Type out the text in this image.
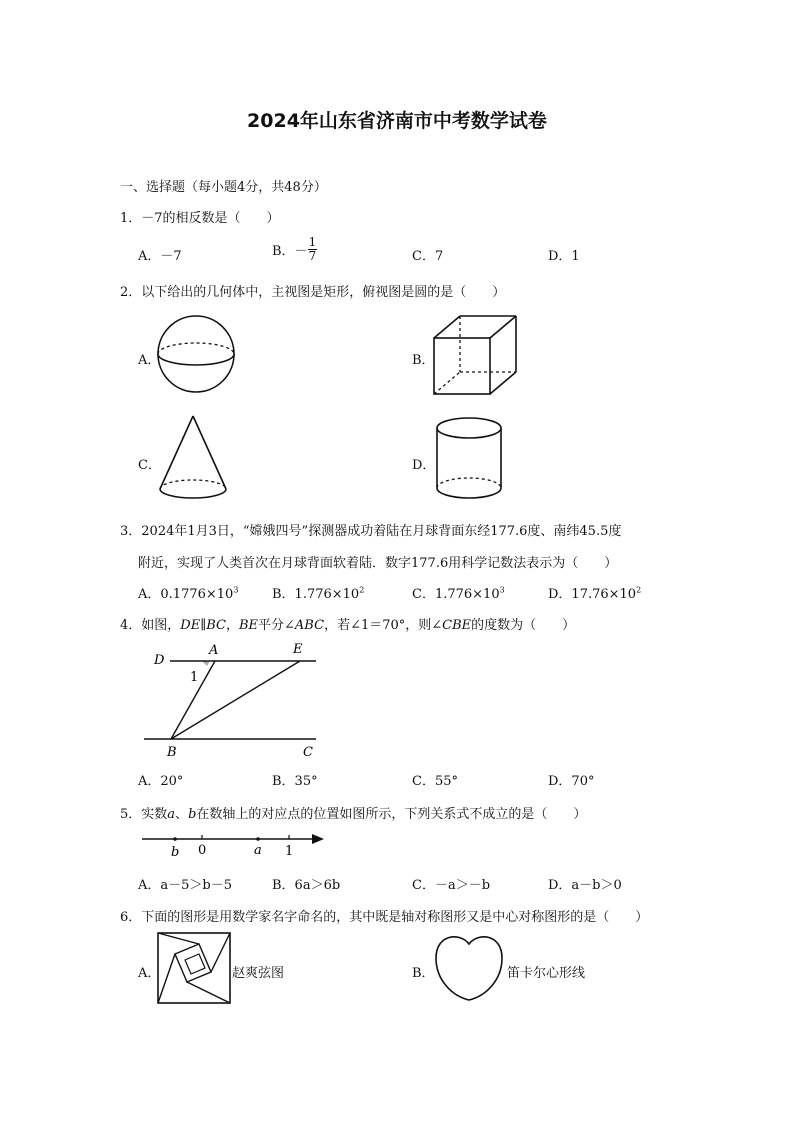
2024年山东省济南市中考数学试卷
一、选择题（每小题4分，共48分）
1．－7的相反数是（　　）
A．－7	B．－ $\frac{1}{7}$	C．7	D．1
2．以下给出的几何体中，主视图是矩形，俯视图是圆的是（　　）
A．	B．
C．	D．
3．2024年1月3日，“嫦娥四号”探测器成功着陆在月球背面东经177.6度、南纬45.5度
附近，实现了人类首次在月球背面软着陆．数字177.6用科学记数法表示为（　　）
A．$0.1776\times 10^3$	B．$1.776\times 10^2$	C．$1.776\times 10^3$	D．$17.76\times 10^2$
4．如图，DE∥BC，BE平分∠ABC，若∠1＝70°，则∠CBE的度数为（　　）
D
A	E
1
B	C
A．20°	B．35°	C．55°	D．70°
5．实数a、b在数轴上的对应点的位置如图所示，下列关系式不成立的是（　　）
b 0	a 1
A．a－5＞b－5	B．6a＞6b	C．－a＞－b	D．a－b＞0
6．下面的图形是用数学家名字命名的，其中既是轴对称图形又是中心对称图形的是（　　）
A．	赵爽弦图	B．	笛卡尔心形线
